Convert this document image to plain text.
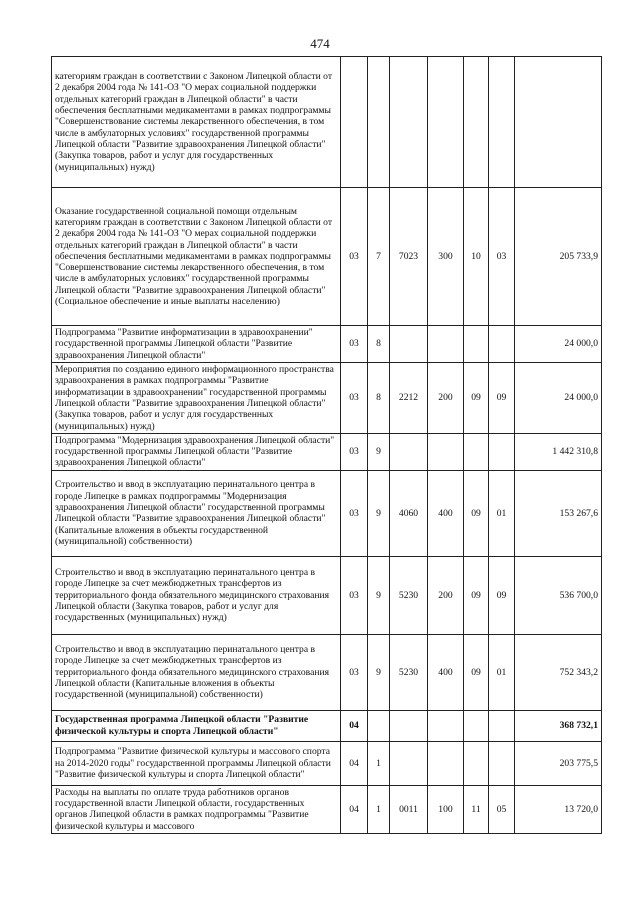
474
категориям граждан в соответствии с Законом Липецкой области от 2 декабря 2004 года № 141-ОЗ "О мерах социальной поддержки отдельных категорий граждан в Липецкой области" в части обеспечения бесплатными медикаментами в рамках подпрограммы "Совершенствование системы лекарственного обеспечения, в том числе в амбулаторных условиях" государственной программы Липецкой области "Развитие здравоохранения Липецкой области" (Закупка товаров, работ и услуг для государственных (муниципальных) нужд)							
Оказание государственной социальной помощи отдельным категориям граждан в соответствии с Законом Липецкой области от 2 декабря 2004 года № 141-ОЗ "О мерах социальной поддержки отдельных категорий граждан в Липецкой области" в части обеспечения бесплатными медикаментами в рамках подпрограммы "Совершенствование системы лекарственного обеспечения, в том числе в амбулаторных условиях" государственной программы Липецкой области "Развитие здравоохранения Липецкой области" (Социальное обеспечение и иные выплаты населению)	03	7	7023	300	10	03	205 733,9
Подпрограмма "Развитие информатизации в здравоохранении" государственной программы Липецкой области "Развитие здравоохранения Липецкой области"	03	8					24 000,0
Мероприятия по созданию единого информационного пространства здравоохранения в рамках подпрограммы "Развитие информатизации в здравоохранении" государственной программы Липецкой области "Развитие здравоохранения Липецкой области" (Закупка товаров, работ и услуг для государственных (муниципальных) нужд)	03	8	2212	200	09	09	24 000,0
Подпрограмма "Модернизация здравоохранения Липецкой области" государственной программы Липецкой области "Развитие здравоохранения Липецкой области"	03	9					1 442 310,8
Строительство и ввод в эксплуатацию перинатального центра в городе Липецке в рамках подпрограммы "Модернизация здравоохранения Липецкой области" государственной программы Липецкой области "Развитие здравоохранения Липецкой области" (Капитальные вложения в объекты государственной (муниципальной) собственности)	03	9	4060	400	09	01	153 267,6
Строительство и ввод в эксплуатацию перинатального центра в городе Липецке за счет межбюджетных трансфертов из территориального фонда обязательного медицинского страхования Липецкой области (Закупка товаров, работ и услуг для государственных (муниципальных) нужд)	03	9	5230	200	09	09	536 700,0
Строительство и ввод в эксплуатацию перинатального центра в городе Липецке за счет межбюджетных трансфертов из территориального фонда обязательного медицинского страхования Липецкой области (Капитальные вложения в объекты государственной (муниципальной) собственности)	03	9	5230	400	09	01	752 343,2
Государственная программа Липецкой области "Развитие физической культуры и спорта Липецкой области"	04						368 732,1
Подпрограмма "Развитие физической культуры и массового спорта на 2014-2020 годы" государственной программы Липецкой области "Развитие физической культуры и спорта Липецкой области"	04	1					203 775,5
Расходы на выплаты по оплате труда работников органов государственной власти Липецкой области, государственных органов Липецкой области в рамках подпрограммы "Развитие физической культуры и массового	04	1	0011	100	11	05	13 720,0
